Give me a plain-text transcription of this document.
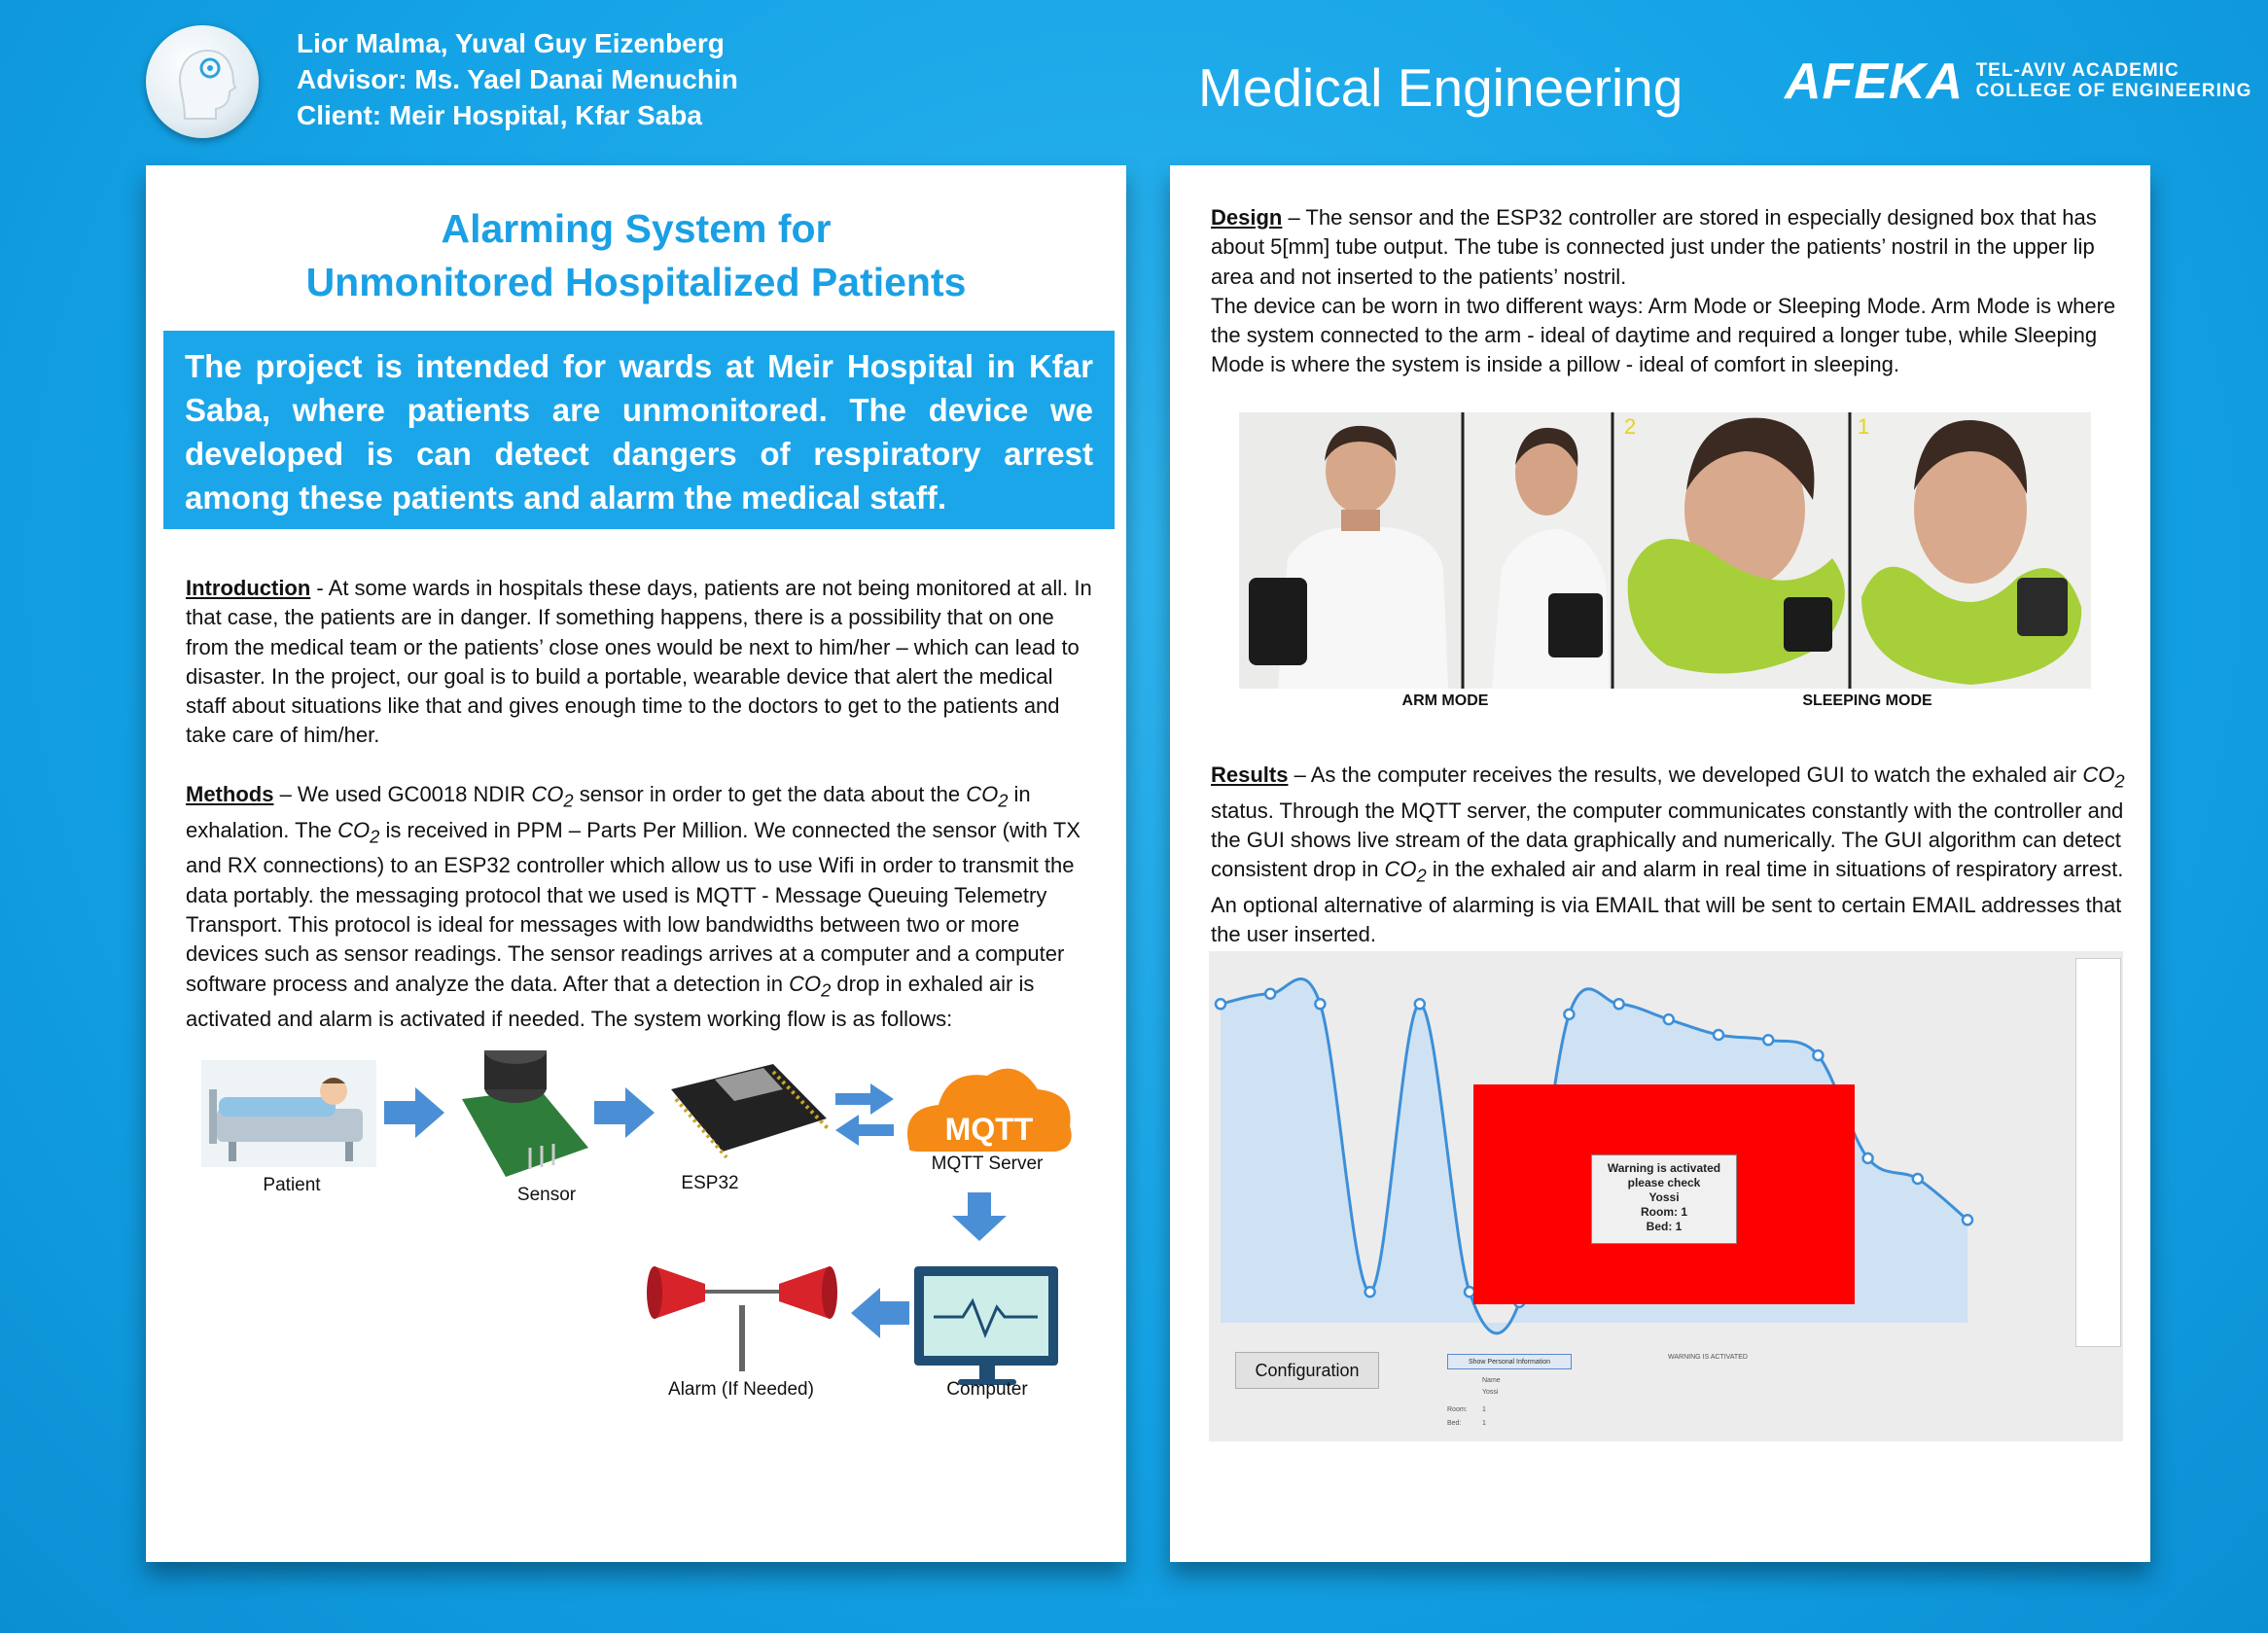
Lior Malma, Yuval Guy Eizenberg
Advisor: Ms. Yael Danai Menuchin
Client: Meir Hospital, Kfar Saba	Medical Engineering AFEKA TEL-AVIV ACADEMIC
COLLEGE OF ENGINEERING
Alarming System for
Unmonitored Hospitalized Patients
The project is intended for wards at Meir Hospital in Kfar Saba, where patients are unmonitored. The device we developed is can detect dangers of respiratory arrest among these patients and alarm the medical staff.
Introduction - At some wards in hospitals these days, patients are not being monitored at all. In that case, the patients are in danger. If something happens, there is a possibility that on one from the medical team or the patients’ close ones would be next to him/her – which can lead to disaster. In the project, our goal is to build a portable, wearable device that alert the medical staff about situations like that and gives enough time to the doctors to get to the patients and take care of him/her.
Methods – We used GC0018 NDIR $CO_2$ sensor in order to get the data about the $CO_2$ in exhalation. The $CO_2$ is received in PPM – Parts Per Million. We connected the sensor (with TX and RX connections) to an ESP32 controller which allow us to use Wifi in order to transmit the data portably. the messaging protocol that we used is MQTT - Message Queuing Telemetry Transport. This protocol is ideal for messages with low bandwidths between two or more devices such as sensor readings. The sensor readings arrives at a computer and a computer software process and analyze the data. After that a detection in $CO_2$ drop in exhaled air is activated and alarm is activated if needed. The system working flow is as follows:
MQTT
Patient	Sensor
ESP32
MQTT Server
Computer
Alarm (If Needed)
Design – The sensor and the ESP32 controller are stored in especially designed box that has about 5[mm] tube output. The tube is connected just under the patients’ nostril in the upper lip area and not inserted to the patients’ nostril.
The device can be worn in two different ways: Arm Mode or Sleeping Mode. Arm Mode is where the system connected to the arm - ideal of daytime and required a longer tube, while Sleeping Mode is where the system is inside a pillow - ideal of comfort in sleeping.
2	1
ARM MODE	SLEEPING MODE
Results – As the computer receives the results, we developed GUI to watch the exhaled air $CO_2$ status. Through the MQTT server, the computer communicates constantly with the controller and the GUI shows live stream of the data graphically and numerically. The GUI algorithm can detect consistent drop in $CO_2$ in the exhaled air and alarm in real time in situations of respiratory arrest. An optional alternative of alarming is via EMAIL that will be sent to certain EMAIL addresses that the user inserted.
Warning is activated
please check
Yossi
Room: 1
Bed: 1
Configuration	Show Personal Information
WARNING IS ACTIVATED
Name
Yossi
Room: 1
Bed:	1
